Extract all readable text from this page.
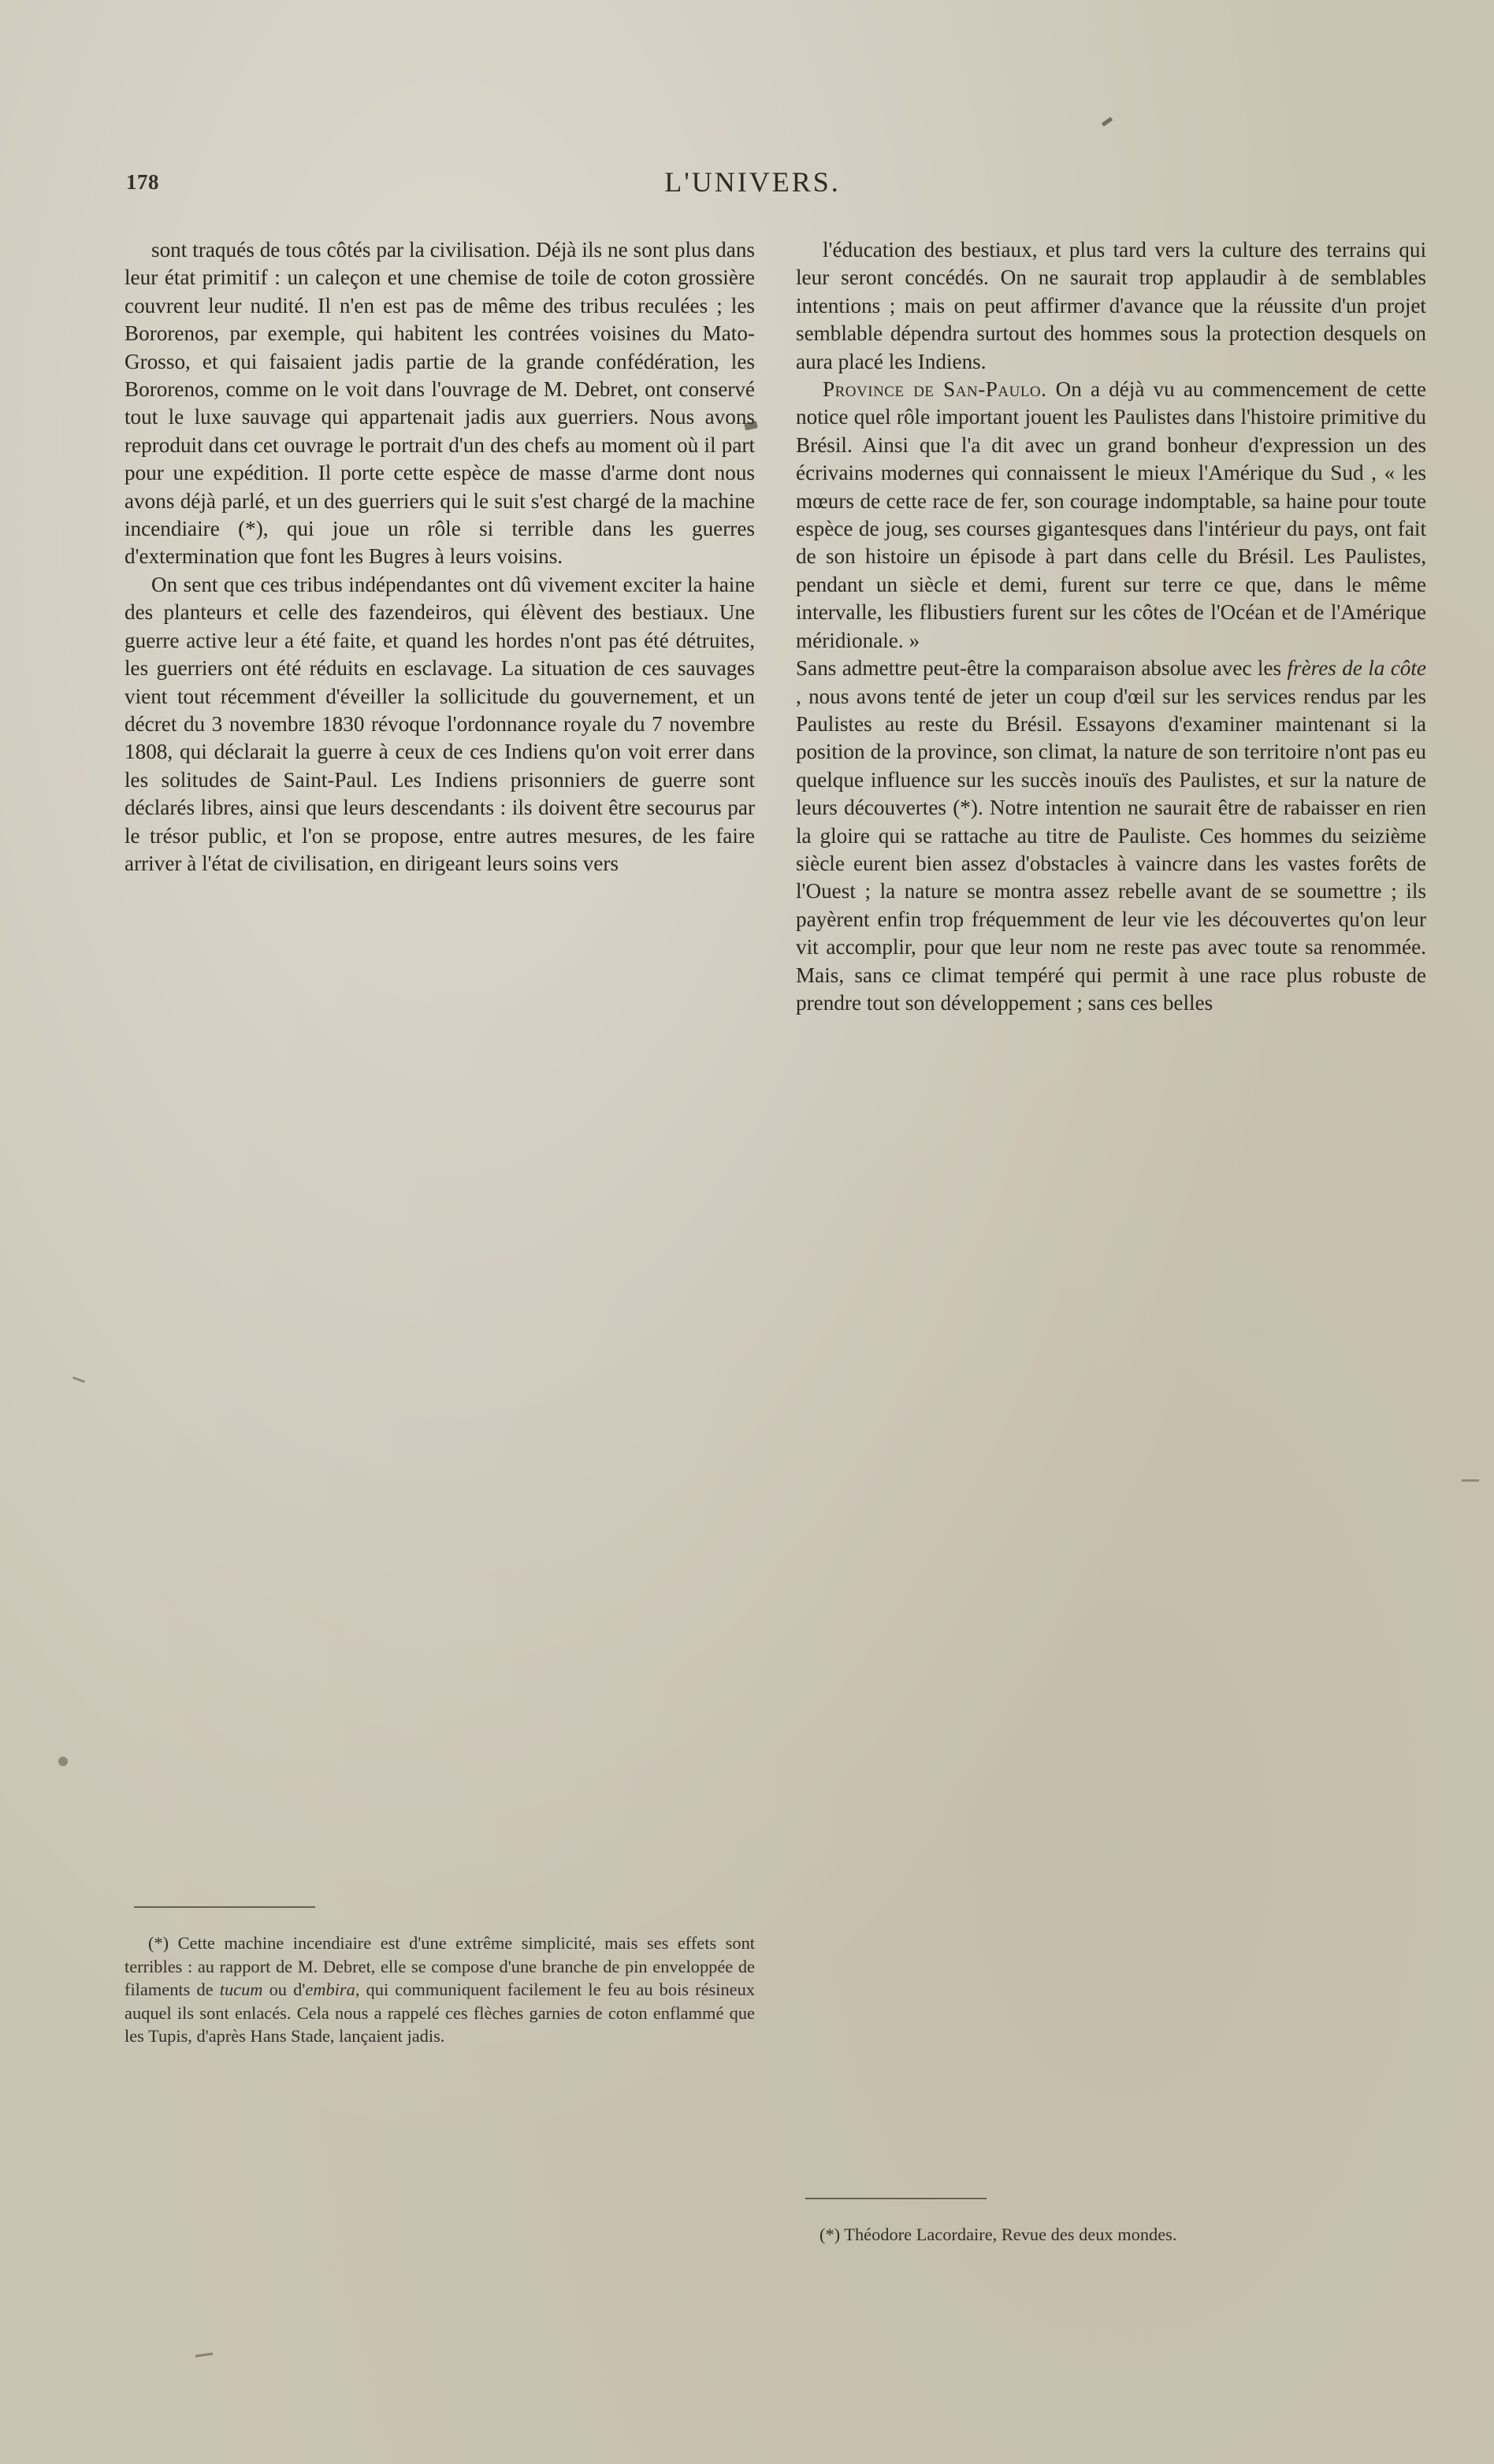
178	L'UNIVERS.

sont traqués de tous côtés par la civilisation. Déjà ils ne sont plus dans leur état primitif : un caleçon et une chemise de toile de coton grossière couvrent leur nudité. Il n'en est pas de même des tribus reculées ; les Bororenos, par exemple, qui habitent les contrées voisines du Mato-Grosso, et qui faisaient jadis partie de la grande confédération, les Bororenos, comme on le voit dans l'ouvrage de M. Debret, ont conservé tout le luxe sauvage qui appartenait jadis aux guerriers. Nous avons reproduit dans cet ouvrage le portrait d'un des chefs au moment où il part pour une expédition. Il porte cette espèce de masse d'arme dont nous avons déjà parlé, et un des guerriers qui le suit s'est chargé de la machine incendiaire (*), qui joue un rôle si terrible dans les guerres d'extermination que font les Bugres à leurs voisins.

On sent que ces tribus indépendantes ont dû vivement exciter la haine des planteurs et celle des fazendeiros, qui élèvent des bestiaux. Une guerre active leur a été faite, et quand les hordes n'ont pas été détruites, les guerriers ont été réduits en esclavage. La situation de ces sauvages vient tout récemment d'éveiller la sollicitude du gouvernement, et un décret du 3 novembre 1830 révoque l'ordonnance royale du 7 novembre 1808, qui déclarait la guerre à ceux de ces Indiens qu'on voit errer dans les solitudes de Saint-Paul. Les Indiens prisonniers de guerre sont déclarés libres, ainsi que leurs descendants : ils doivent être secourus par le trésor public, et l'on se propose, entre autres mesures, de les faire arriver à l'état de civilisation, en dirigeant leurs soins vers

(*) Cette machine incendiaire est d'une extrême simplicité, mais ses effets sont terribles : au rapport de M. Debret, elle se compose d'une branche de pin enveloppée de filaments de tucum ou d'embira, qui communiquent facilement le feu au bois résineux auquel ils sont enlacés. Cela nous a rappelé ces flèches garnies de coton enflammé que les Tupis, d'après Hans Stade, lançaient jadis.

l'éducation des bestiaux, et plus tard vers la culture des terrains qui leur seront concédés. On ne saurait trop applaudir à de semblables intentions ; mais on peut affirmer d'avance que la réussite d'un projet semblable dépendra surtout des hommes sous la protection desquels on aura placé les Indiens.

Province de San-Paulo. On a déjà vu au commencement de cette notice quel rôle important jouent les Paulistes dans l'histoire primitive du Brésil. Ainsi que l'a dit avec un grand bonheur d'expression un des écrivains modernes qui connaissent le mieux l'Amérique du Sud , « les mœurs de cette race de fer, son courage indomptable, sa haine pour toute espèce de joug, ses courses gigantesques dans l'intérieur du pays, ont fait de son histoire un épisode à part dans celle du Brésil. Les Paulistes, pendant un siècle et demi, furent sur terre ce que, dans le même intervalle, les flibustiers furent sur les côtes de l'Océan et de l'Amérique méridionale. »

Sans admettre peut-être la comparaison absolue avec les frères de la côte , nous avons tenté de jeter un coup d'œil sur les services rendus par les Paulistes au reste du Brésil. Essayons d'examiner maintenant si la position de la province, son climat, la nature de son territoire n'ont pas eu quelque influence sur les succès inouïs des Paulistes, et sur la nature de leurs découvertes (*). Notre intention ne saurait être de rabaisser en rien la gloire qui se rattache au titre de Pauliste. Ces hommes du seizième siècle eurent bien assez d'obstacles à vaincre dans les vastes forêts de l'Ouest ; la nature se montra assez rebelle avant de se soumettre ; ils payèrent enfin trop fréquemment de leur vie les découvertes qu'on leur vit accomplir, pour que leur nom ne reste pas avec toute sa renommée. Mais, sans ce climat tempéré qui permit à une race plus robuste de prendre tout son développement ; sans ces belles

(*) Théodore Lacordaire, Revue des deux mondes.
